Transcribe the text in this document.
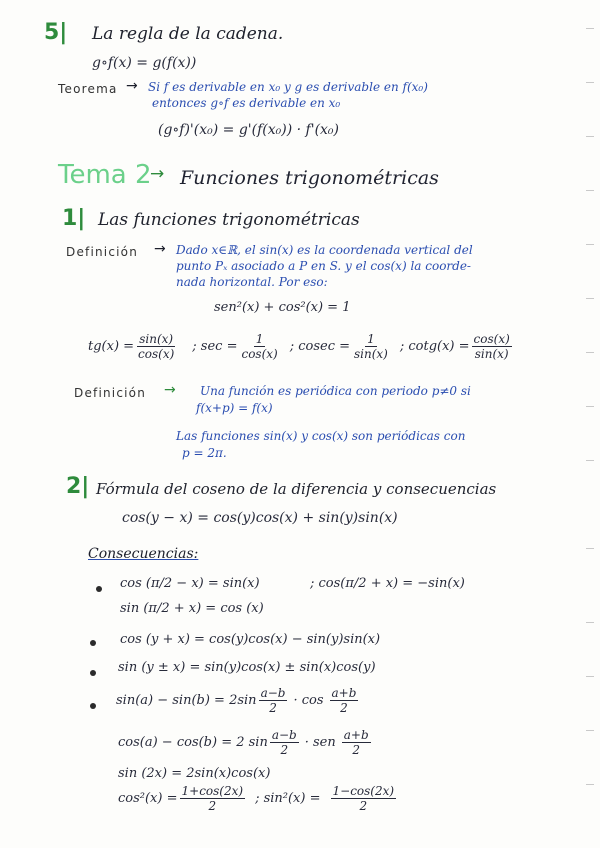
5| La regla de la cadena.
g∘f(x) = g(f(x))
Teorema → Si f es derivable en x₀ y g es derivable en f(x₀)
entonces g∘f es derivable en x₀
(g∘f)'(x₀) = g'(f(x₀)) · f'(x₀)
Tema 2
→ Funciones trigonométricas
1| Las funciones trigonométricas
Definición → Dado x∈ℝ, el sin(x) es la coordenada vertical del
punto Pₓ asociado a P en S. y el cos(x) la coorde-
nada horizontal. Por eso:
sen²(x) + cos²(x) = 1
$tg(x) = \frac{\sin(x)}{\cos(x)}$ ; $\sec = \frac{1}{\cos(x)}$ ; $cosec = \frac{1}{\sin(x)}$ ; $\cot g(x) = \frac{\cos(x)}{\sin(x)}$
Definición → Una función es periódica con periodo p≠0 si
f(x+p) = f(x)
Las funciones sin(x) y cos(x) son periódicas con
p = 2π.
2| Fórmula del coseno de la diferencia y consecuencias
cos(y − x) = cos(y)cos(x) + sin(y)sin(x)
Consecuencias:
cos (π/2 − x) = sin(x)	; cos(π/2 + x) = −sin(x)
sin (π/2 + x) = cos (x)
cos (y + x) = cos(y)cos(x) − sin(y)sin(x)
sin (y ± x) = sin(y)cos(x) ± sin(x)cos(y)
$\sin(a) - \sin(b) = 2\sin \frac{a-b}{2} \cdot \cos \frac{a+b}{2}$
cos(a) − cos(b) = 2 $\sin \frac{a-b}{2}$ · sen $\frac{a+b}{2}$
sin (2x) = 2sin(x)cos(x)
$\cos^2(x) = \frac{1+\cos(2x)}{2}$ ; $\sin^2(x) = \frac{1-\cos(2x)}{2}$
